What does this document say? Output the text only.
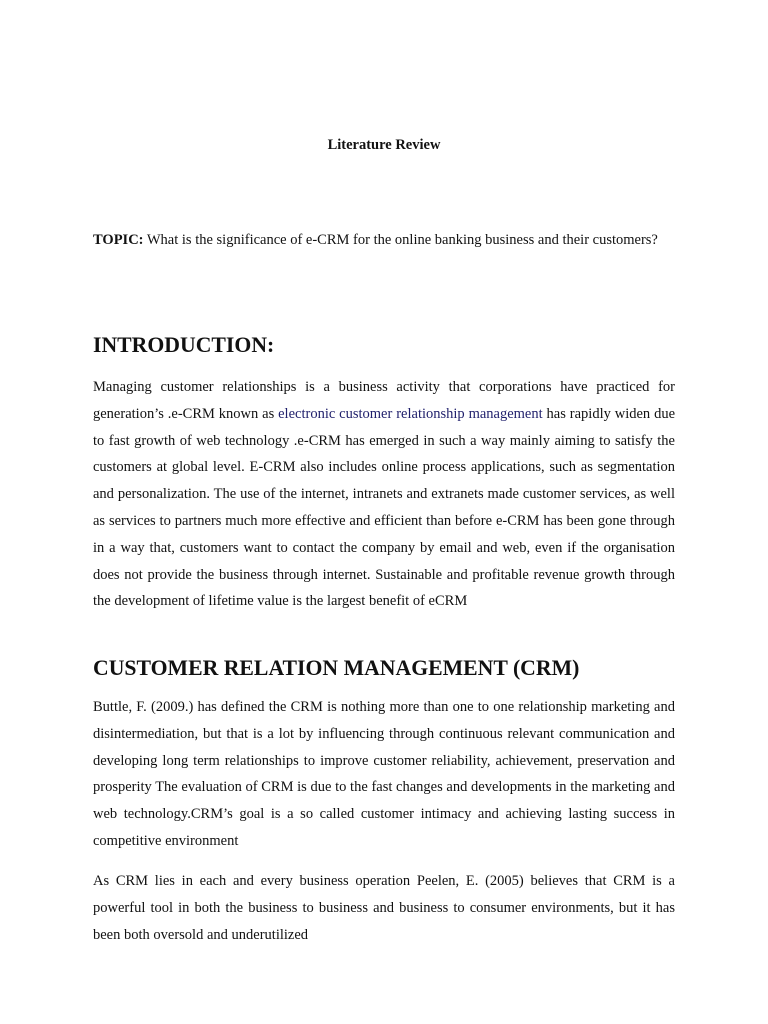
Literature Review

TOPIC: What is the significance of e-CRM for the online banking business and their customers?

INTRODUCTION:

Managing customer relationships is a business activity that corporations have practiced for generation’s .e-CRM known as electronic customer relationship management has rapidly widen due to fast growth of web technology .e-CRM has emerged in such a way mainly aiming to satisfy the customers at global level. E-CRM also includes online process applications, such as segmentation and personalization. The use of the internet, intranets and extranets made customer services, as well as services to partners much more effective and efficient than before e-CRM has been gone through in a way that, customers want to contact the company by email and web, even if the organisation does not provide the business through internet. Sustainable and profitable revenue growth through the development of lifetime value is the largest benefit of eCRM

CUSTOMER RELATION MANAGEMENT (CRM)

Buttle, F. (2009.) has defined the CRM is nothing more than one to one relationship marketing and disintermediation, but that is a lot by influencing through continuous relevant communication and developing long term relationships to improve customer reliability, achievement, preservation and prosperity The evaluation of CRM is due to the fast changes and developments in the marketing and web technology.CRM’s goal is a so called customer intimacy and achieving lasting success in competitive environment

As CRM lies in each and every business operation Peelen, E. (2005) believes that CRM is a powerful tool in both the business to business and business to consumer environments, but it has been both oversold and underutilized
